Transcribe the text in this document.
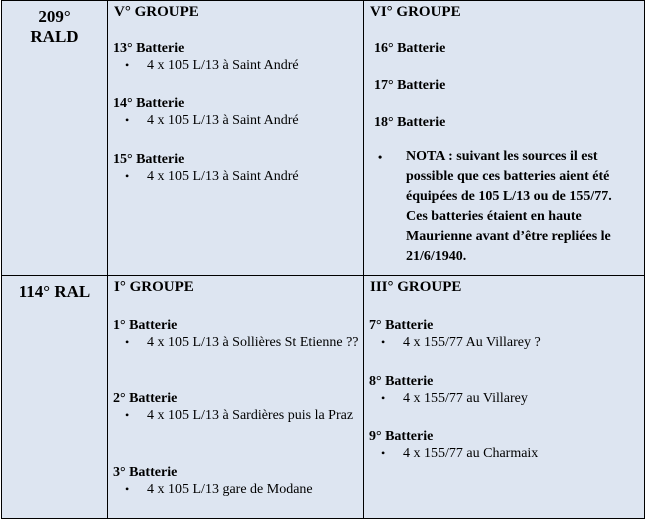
209°
RALD
V° GROUPE
13° Batterie
• 4 x 105 L/13 à Saint André
14° Batterie
• 4 x 105 L/13 à Saint André
15° Batterie
• 4 x 105 L/13 à Saint André
VI° GROUPE
16° Batterie
17° Batterie
18° Batterie
• NOTA : suivant les sources il est possible que ces batteries aient été équipées de 105 L/13 ou de 155/77. Ces batteries étaient en haute Maurienne avant d’être repliées le 21/6/1940.
114° RAL	I° GROUPE
1° Batterie
• 4 x 105 L/13 à Sollières St Etienne ??
2° Batterie
• 4 x 105 L/13 à Sardières puis la Praz
3° Batterie
• 4 x 105 L/13 gare de Modane
III° GROUPE
7° Batterie
• 4 x 155/77 Au Villarey ?
8° Batterie
• 4 x 155/77 au Villarey
9° Batterie
• 4 x 155/77 au Charmaix
